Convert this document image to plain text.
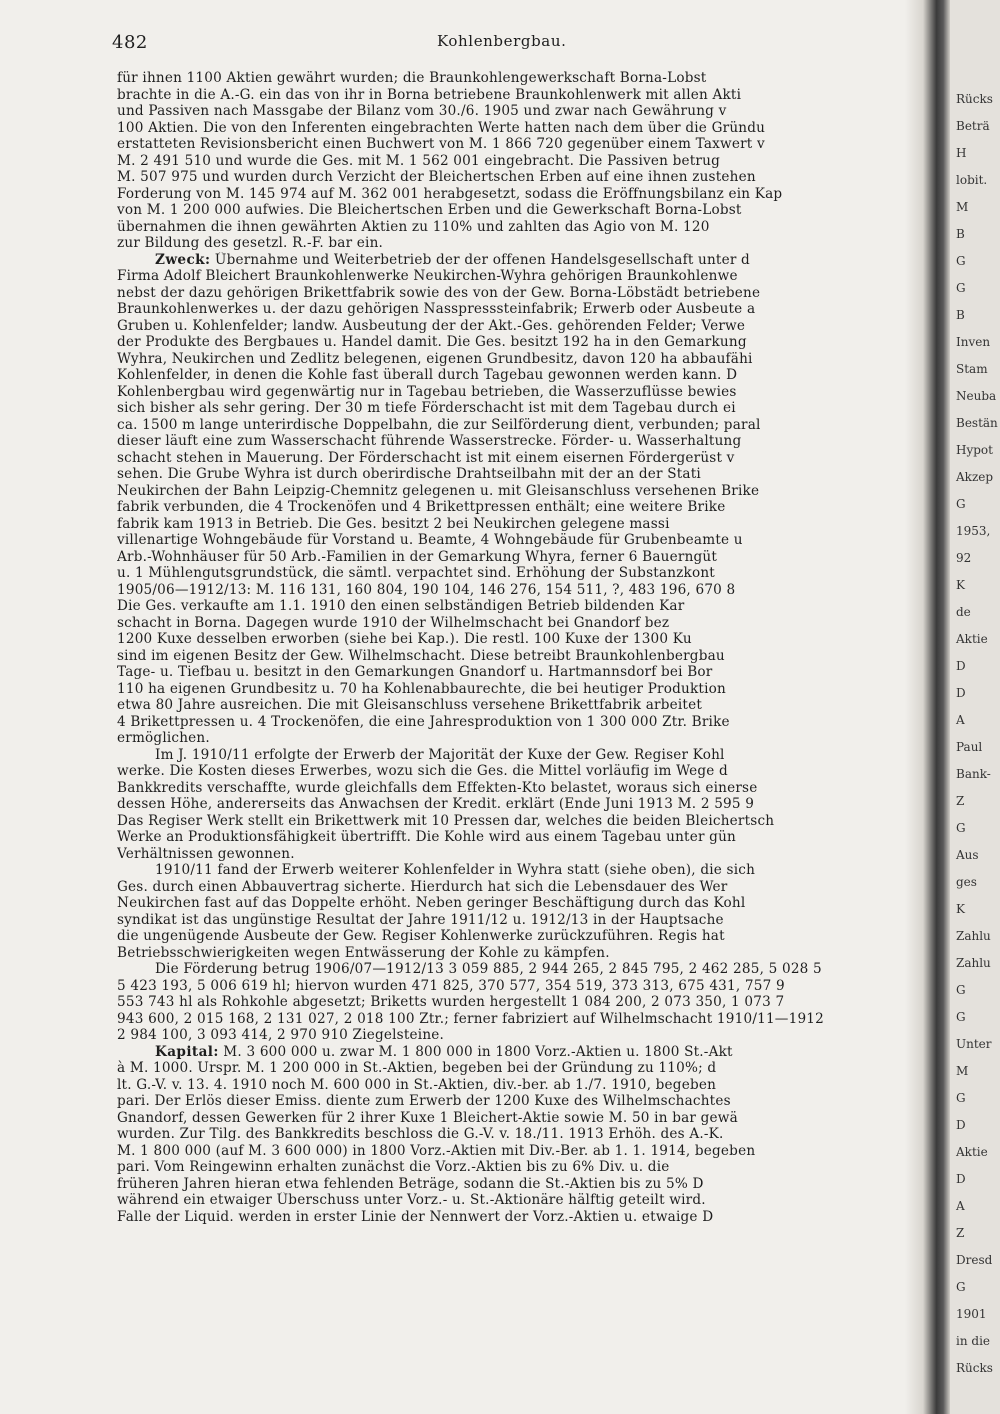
482	Kohlenbergbau.
für ihnen 1100 Aktien gewährt wurden; die Braunkohlengewerkschaft Borna-Lobst
brachte in die A.-G. ein das von ihr in Borna betriebene Braunkohlenwerk mit allen Akti
und Passiven nach Massgabe der Bilanz vom 30./6. 1905 und zwar nach Gewährung v
100 Aktien. Die von den Inferenten eingebrachten Werte hatten nach dem über die Gründu
erstatteten Revisionsbericht einen Buchwert von M. 1 866 720 gegenüber einem Taxwert v
M. 2 491 510 und wurde die Ges. mit M. 1 562 001 eingebracht. Die Passiven betrug
M. 507 975 und wurden durch Verzicht der Bleichertschen Erben auf eine ihnen zustehen
Forderung von M. 145 974 auf M. 362 001 herabgesetzt, sodass die Eröffnungsbilanz ein Kap
von M. 1 200 000 aufwies. Die Bleichertschen Erben und die Gewerkschaft Borna-Lobst
übernahmen die ihnen gewährten Aktien zu 110% und zahlten das Agio von M. 120
zur Bildung des gesetzl. R.-F. bar ein.
Zweck: Übernahme und Weiterbetrieb der der offenen Handelsgesellschaft unter d
Firma Adolf Bleichert Braunkohlenwerke Neukirchen-Wyhra gehörigen Braunkohlenwe
nebst der dazu gehörigen Brikettfabrik sowie des von der Gew. Borna-Löbstädt betriebene
Braunkohlenwerkes u. der dazu gehörigen Nasspresssteinfabrik; Erwerb oder Ausbeute a
Gruben u. Kohlenfelder; landw. Ausbeutung der der Akt.-Ges. gehörenden Felder; Verwe
der Produkte des Bergbaues u. Handel damit. Die Ges. besitzt 192 ha in den Gemarkung
Wyhra, Neukirchen und Zedlitz belegenen, eigenen Grundbesitz, davon 120 ha abbaufähi
Kohlenfelder, in denen die Kohle fast überall durch Tagebau gewonnen werden kann. D
Kohlenbergbau wird gegenwärtig nur in Tagebau betrieben, die Wasserzuflüsse bewies
sich bisher als sehr gering. Der 30 m tiefe Förderschacht ist mit dem Tagebau durch ei
ca. 1500 m lange unterirdische Doppelbahn, die zur Seilförderung dient, verbunden; paral
dieser läuft eine zum Wasserschacht führende Wasserstrecke. Förder- u. Wasserhaltung
schacht stehen in Mauerung. Der Förderschacht ist mit einem eisernen Fördergerüst v
sehen. Die Grube Wyhra ist durch oberirdische Drahtseilbahn mit der an der Stati
Neukirchen der Bahn Leipzig-Chemnitz gelegenen u. mit Gleisanschluss versehenen Brike
fabrik verbunden, die 4 Trockenöfen und 4 Brikettpressen enthält; eine weitere Brike
fabrik kam 1913 in Betrieb. Die Ges. besitzt 2 bei Neukirchen gelegene massi
villenartige Wohngebäude für Vorstand u. Beamte, 4 Wohngebäude für Grubenbeamte u
Arb.-Wohnhäuser für 50 Arb.-Familien in der Gemarkung Whyra, ferner 6 Bauerngüt
u. 1 Mühlengutsgrundstück, die sämtl. verpachtet sind. Erhöhung der Substanzkont
1905/06—1912/13: M. 116 131, 160 804, 190 104, 146 276, 154 511, ?, 483 196, 670 8
Die Ges. verkaufte am 1.1. 1910 den einen selbständigen Betrieb bildenden Kar
schacht in Borna. Dagegen wurde 1910 der Wilhelmschacht bei Gnandorf bez
1200 Kuxe desselben erworben (siehe bei Kap.). Die restl. 100 Kuxe der 1300 Ku
sind im eigenen Besitz der Gew. Wilhelmschacht. Diese betreibt Braunkohlenbergbau
Tage- u. Tiefbau u. besitzt in den Gemarkungen Gnandorf u. Hartmannsdorf bei Bor
110 ha eigenen Grundbesitz u. 70 ha Kohlenabbaurechte, die bei heutiger Produktion
etwa 80 Jahre ausreichen. Die mit Gleisanschluss versehene Brikettfabrik arbeitet
4 Brikettpressen u. 4 Trockenöfen, die eine Jahresproduktion von 1 300 000 Ztr. Brike
ermöglichen.
Im J. 1910/11 erfolgte der Erwerb der Majorität der Kuxe der Gew. Regiser Kohl
werke. Die Kosten dieses Erwerbes, wozu sich die Ges. die Mittel vorläufig im Wege d
Bankkredits verschaffte, wurde gleichfalls dem Effekten-Kto belastet, woraus sich einerse
dessen Höhe, andererseits das Anwachsen der Kredit. erklärt (Ende Juni 1913 M. 2 595 9
Das Regiser Werk stellt ein Brikettwerk mit 10 Pressen dar, welches die beiden Bleichertsch
Werke an Produktionsfähigkeit übertrifft. Die Kohle wird aus einem Tagebau unter gün
Verhältnissen gewonnen.
1910/11 fand der Erwerb weiterer Kohlenfelder in Wyhra statt (siehe oben), die sich
Ges. durch einen Abbauvertrag sicherte. Hierdurch hat sich die Lebensdauer des Wer
Neukirchen fast auf das Doppelte erhöht. Neben geringer Beschäftigung durch das Kohl
syndikat ist das ungünstige Resultat der Jahre 1911/12 u. 1912/13 in der Hauptsache
die ungenügende Ausbeute der Gew. Regiser Kohlenwerke zurückzuführen. Regis hat
Betriebsschwierigkeiten wegen Entwässerung der Kohle zu kämpfen.
Die Förderung betrug 1906/07—1912/13 3 059 885, 2 944 265, 2 845 795, 2 462 285, 5 028 5
5 423 193, 5 006 619 hl; hiervon wurden 471 825, 370 577, 354 519, 373 313, 675 431, 757 9
553 743 hl als Rohkohle abgesetzt; Briketts wurden hergestellt 1 084 200, 2 073 350, 1 073 7
943 600, 2 015 168, 2 131 027, 2 018 100 Ztr.; ferner fabriziert auf Wilhelmschacht 1910/11—1912
2 984 100, 3 093 414, 2 970 910 Ziegelsteine.
Kapital: M. 3 600 000 u. zwar M. 1 800 000 in 1800 Vorz.-Aktien u. 1800 St.-Akt
à M. 1000. Urspr. M. 1 200 000 in St.-Aktien, begeben bei der Gründung zu 110%; d
lt. G.-V. v. 13. 4. 1910 noch M. 600 000 in St.-Aktien, div.-ber. ab 1./7. 1910, begeben
pari. Der Erlös dieser Emiss. diente zum Erwerb der 1200 Kuxe des Wilhelmschachtes
Gnandorf, dessen Gewerken für 2 ihrer Kuxe 1 Bleichert-Aktie sowie M. 50 in bar gewä
wurden. Zur Tilg. des Bankkredits beschloss die G.-V. v. 18./11. 1913 Erhöh. des A.-K.
M. 1 800 000 (auf M. 3 600 000) in 1800 Vorz.-Aktien mit Div.-Ber. ab 1. 1. 1914, begeben
pari. Vom Reingewinn erhalten zunächst die Vorz.-Aktien bis zu 6% Div. u. die
früheren Jahren hieran etwa fehlenden Beträge, sodann die St.-Aktien bis zu 5% D
während ein etwaiger Überschuss unter Vorz.- u. St.-Aktionäre hälftig geteilt wird.
Falle der Liquid. werden in erster Linie der Nennwert der Vorz.-Aktien u. etwaige D
Rücks
Beträ
H
lobit.
M
B
G
G
B
Inven
Stam
Neuba
Bestän
Hypot
Akzep
G
1953,
92
K
de
Aktie
D
D
A
Paul
Bank-
Z
G
Aus
ges
K
Zahlu
Zahlu
G
G
Unter
M
G
D
Aktie
D
A
Z
Dresd
G
1901
in die
Rücks
